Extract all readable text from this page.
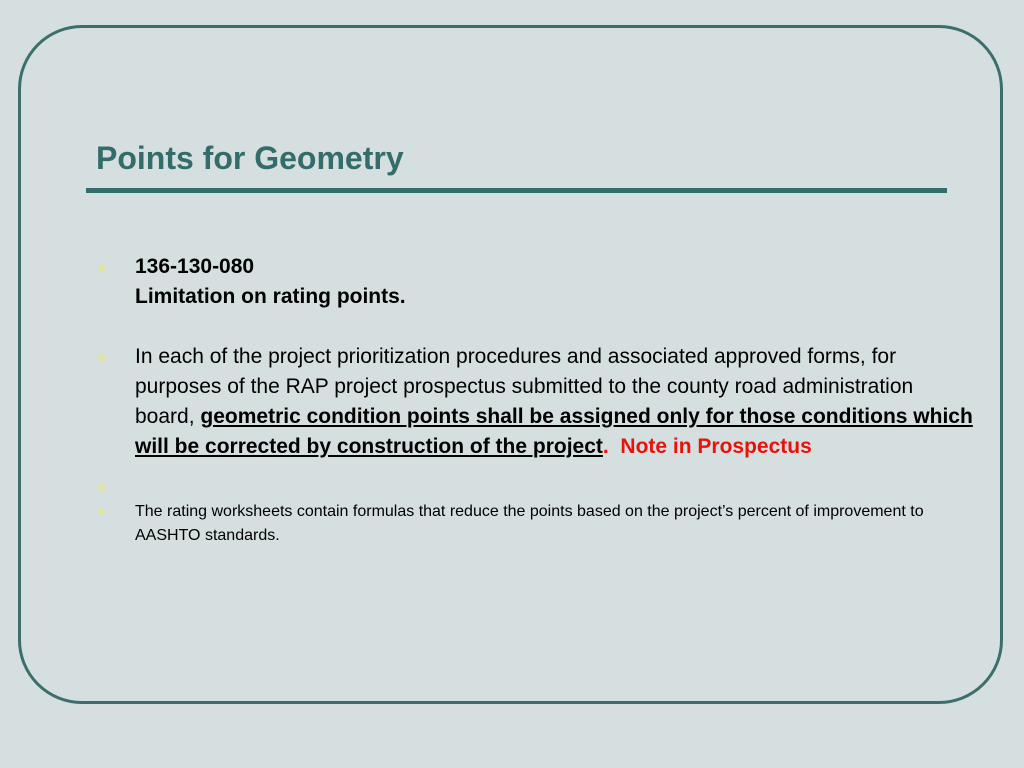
Points for Geometry
136-130-080
Limitation on rating points.
In each of the project prioritization procedures and associated approved forms, for purposes of the RAP project prospectus submitted to the county road administration board, geometric condition points shall be assigned only for those conditions which will be corrected by construction of the project. Note in Prospectus
The rating worksheets contain formulas that reduce the points based on the project’s percent of improvement to AASHTO standards.
